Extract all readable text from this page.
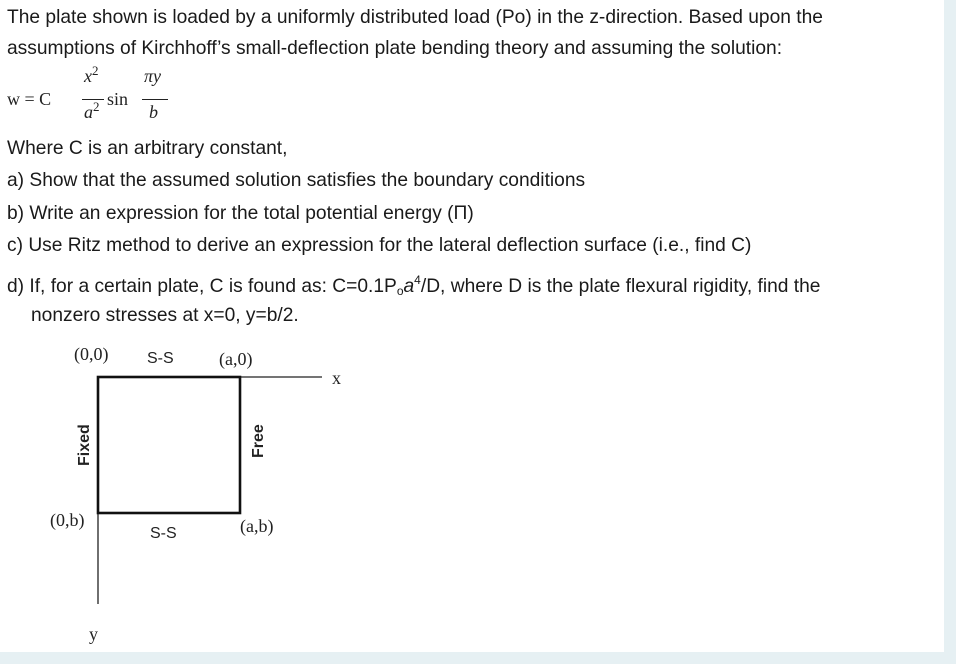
The plate shown is loaded by a uniformly distributed load (Po) in the z-direction. Based upon the
assumptions of Kirchhoff’s small-deflection plate bending theory and assuming the solution:
w = C
$x^2$
$a^2$ sin
πy
b
Where C is an arbitrary constant,
a) Show that the assumed solution satisfies the boundary conditions
b) Write an expression for the total potential energy (Π)
c) Use Ritz method to derive an expression for the lateral deflection surface (i.e., find C)
d) If, for a certain plate, C is found as: C=0.1Poa$^4$/D, where D is the plate flexural rigidity, find the
nonzero stresses at x=0, y=b/2.
(0,0) S-S	(a,0)
x
Fixed	Free
(0,b)
S-S	(a,b)
y
